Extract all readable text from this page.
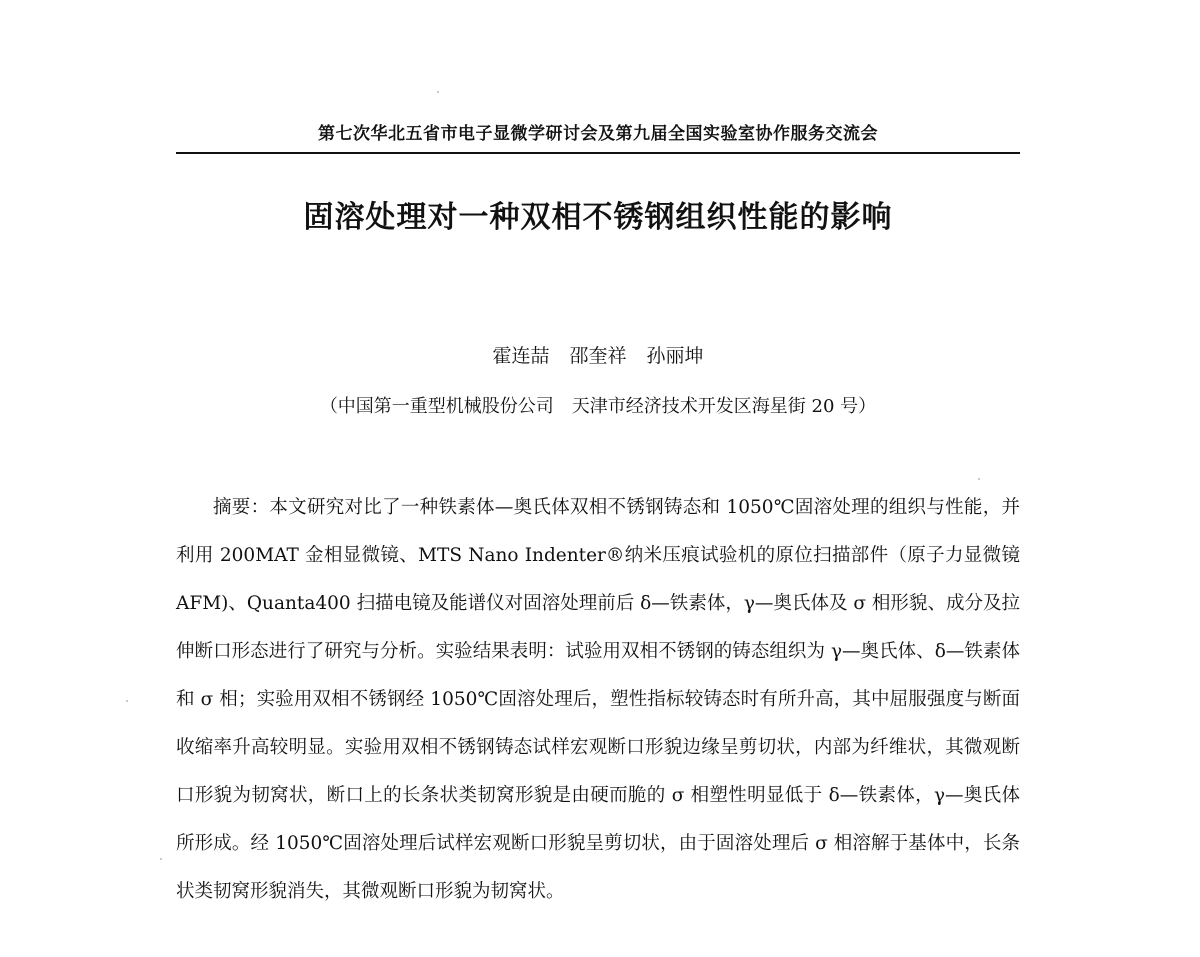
第七次华北五省市电子显微学研讨会及第九届全国实验室协作服务交流会
固溶处理对一种双相不锈钢组织性能的影响
霍连喆 邵奎祥 孙丽坤
（中国第一重型机械股份公司　天津市经济技术开发区海星街 20 号）

摘要：本文研究对比了一种铁素体—奥氏体双相不锈钢铸态和 1050℃固溶处理的组织与性能，并利用 200MAT 金相显微镜、MTS Nano Indenter®纳米压痕试验机的原位扫描部件（原子力显微镜 AFM)、Quanta400 扫描电镜及能谱仪对固溶处理前后 δ—铁素体，γ—奥氏体及 σ 相形貌、成分及拉伸断口形态进行了研究与分析。实验结果表明：试验用双相不锈钢的铸态组织为 γ—奥氏体、δ—铁素体和 σ 相；实验用双相不锈钢经 1050℃固溶处理后，塑性指标较铸态时有所升高，其中屈服强度与断面收缩率升高较明显。实验用双相不锈钢铸态试样宏观断口形貌边缘呈剪切状，内部为纤维状，其微观断口形貌为韧窝状，断口上的长条状类韧窝形貌是由硬而脆的 σ 相塑性明显低于 δ—铁素体，γ—奥氏体所形成。经 1050℃固溶处理后试样宏观断口形貌呈剪切状，由于固溶处理后 σ 相溶解于基体中，长条状类韧窝形貌消失，其微观断口形貌为韧窝状。
